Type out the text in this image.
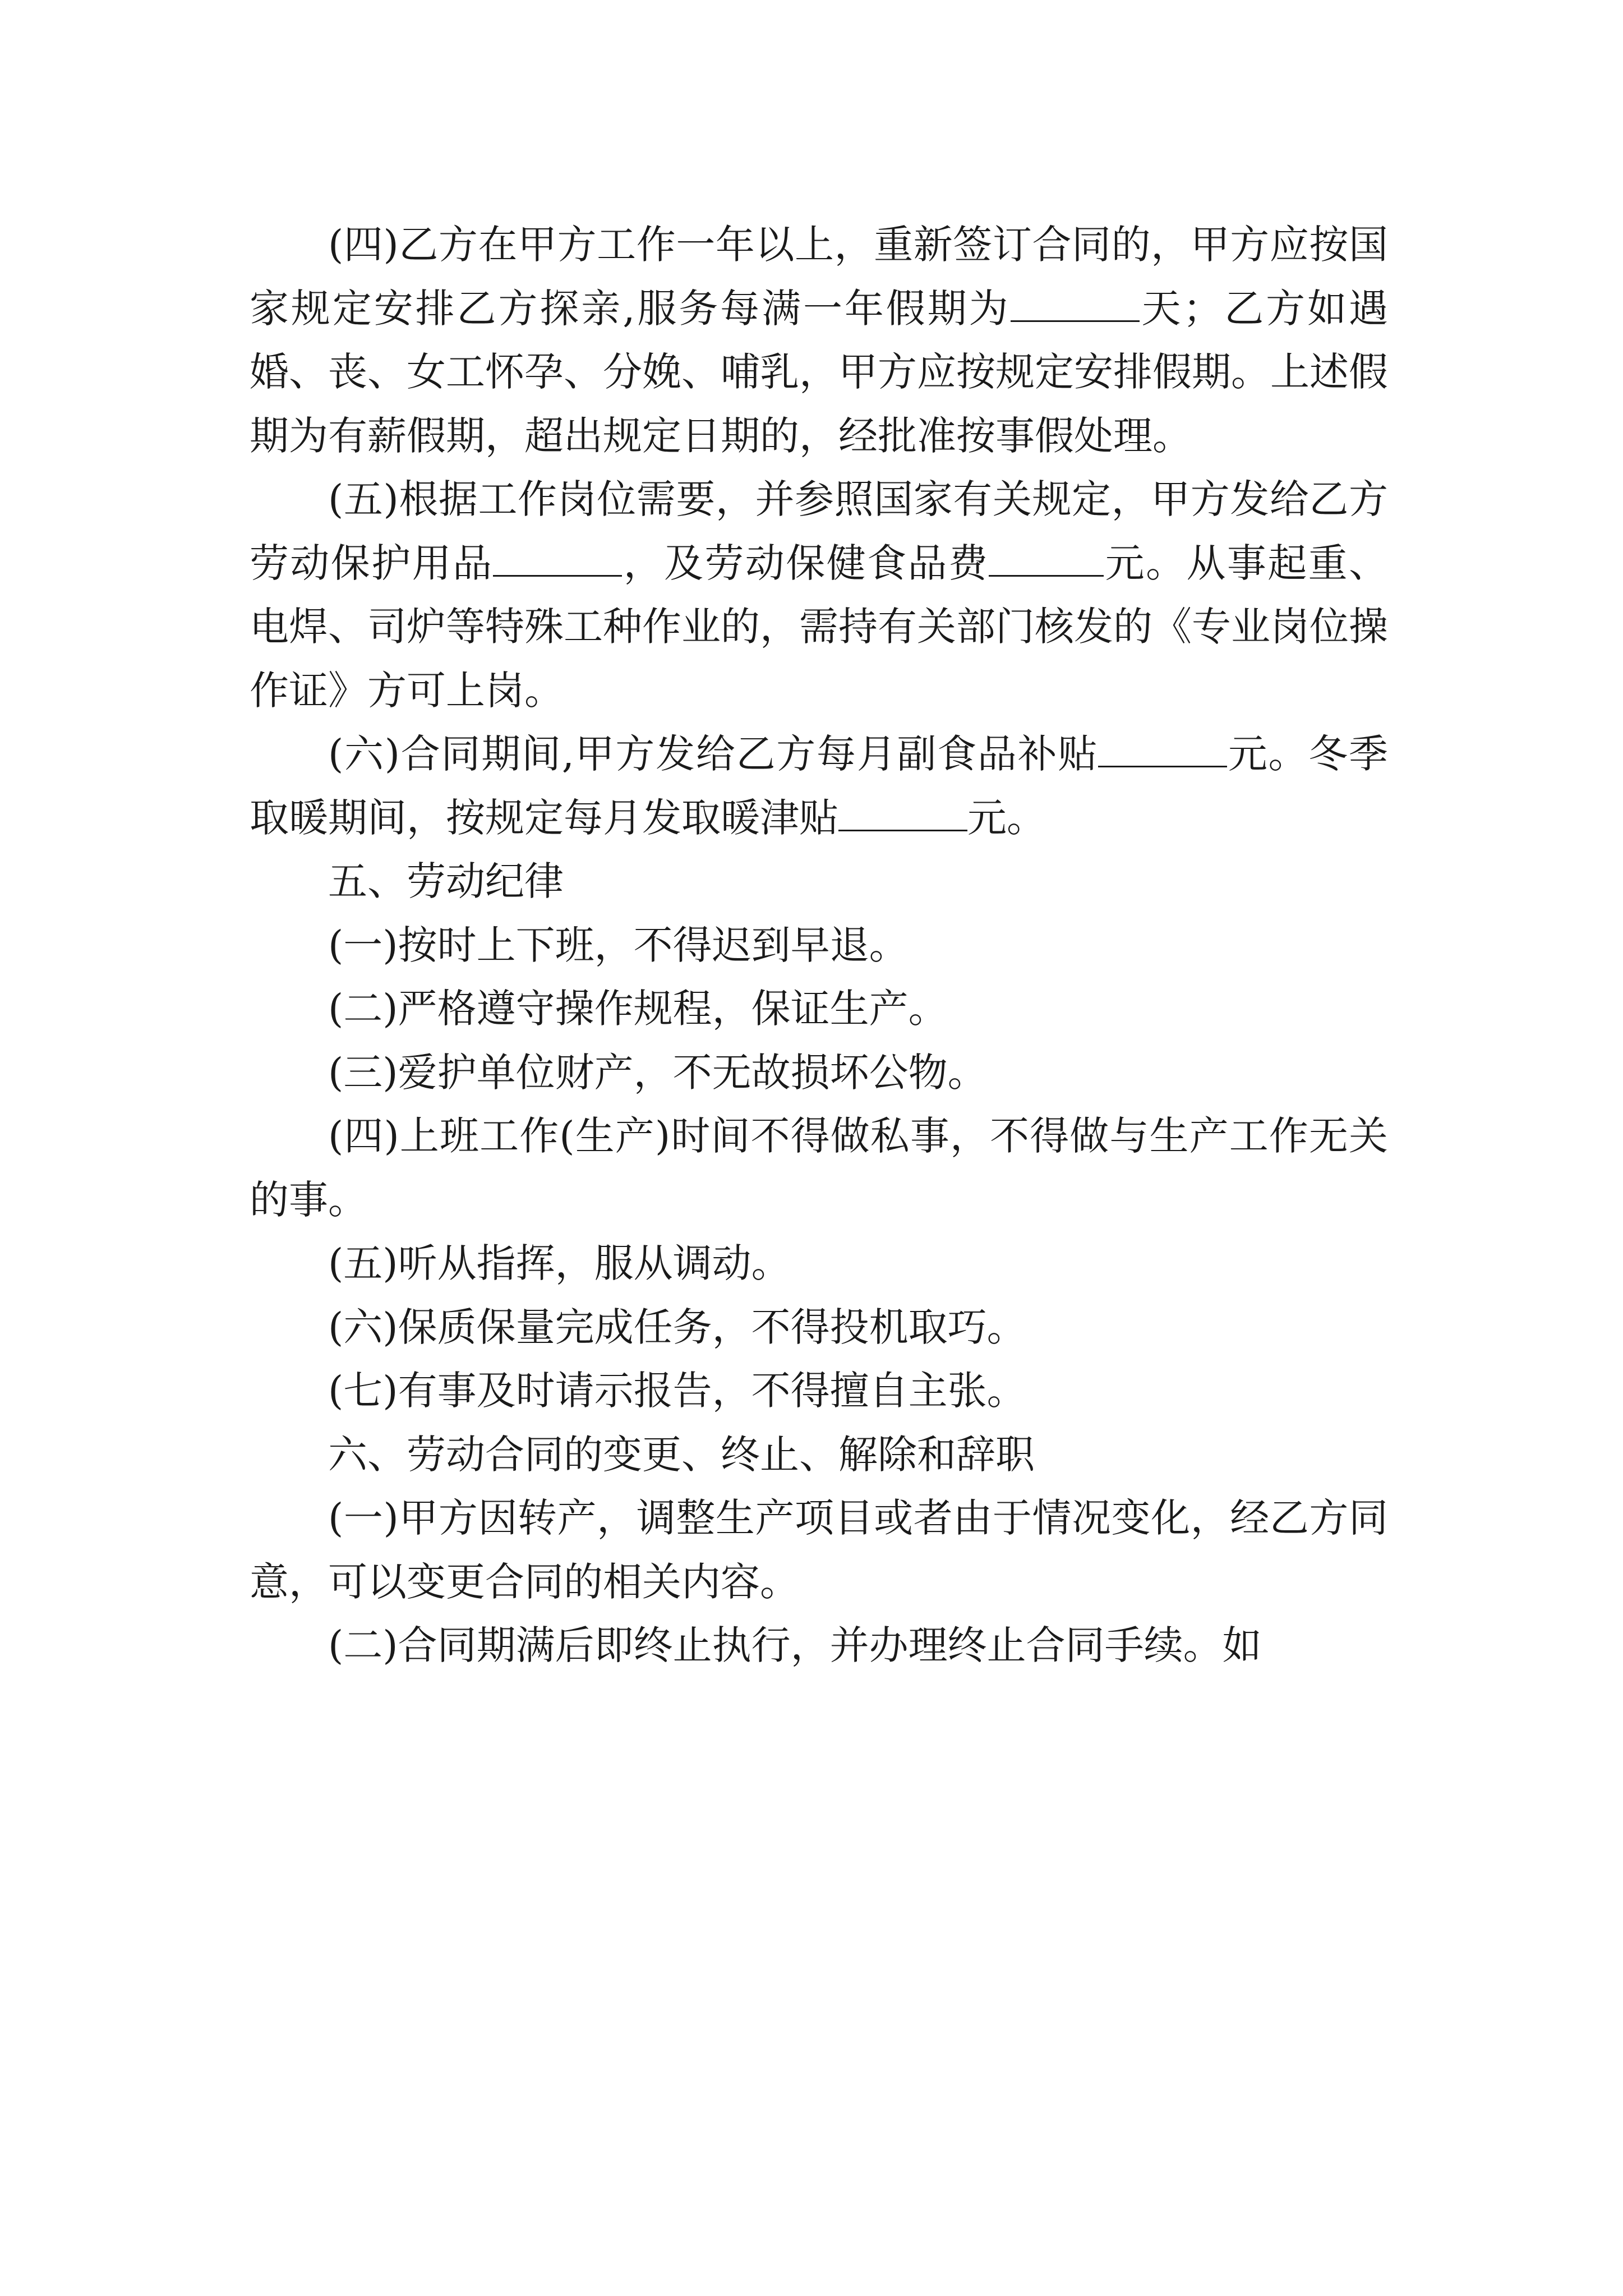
(四)乙方在甲方工作一年以上，重新签订合同的，甲方应按国家规定安排乙方探亲,服务每满一年假期为	天；乙方如遇婚、丧、女工怀孕、分娩、哺乳，甲方应按规定安排假期。上述假期为有薪假期，超出规定日期的，经批准按事假处理。

(五)根据工作岗位需要，并参照国家有关规定，甲方发给乙方劳动保护用品	，及劳动保健食品费	元。从事起重、电焊、司炉等特殊工种作业的，需持有关部门核发的《专业岗位操作证》方可上岗。

(六)合同期间,甲方发给乙方每月副食品补贴	元。冬季取暖期间，按规定每月发取暖津贴	元。

五、劳动纪律

(一)按时上下班，不得迟到早退。

(二)严格遵守操作规程，保证生产。

(三)爱护单位财产，不无故损坏公物。

(四)上班工作(生产)时间不得做私事，不得做与生产工作无关的事。

(五)听从指挥，服从调动。

(六)保质保量完成任务，不得投机取巧。

(七)有事及时请示报告，不得擅自主张。

六、劳动合同的变更、终止、解除和辞职

(一)甲方因转产，调整生产项目或者由于情况变化，经乙方同意，可以变更合同的相关内容。

(二)合同期满后即终止执行，并办理终止合同手续。如
